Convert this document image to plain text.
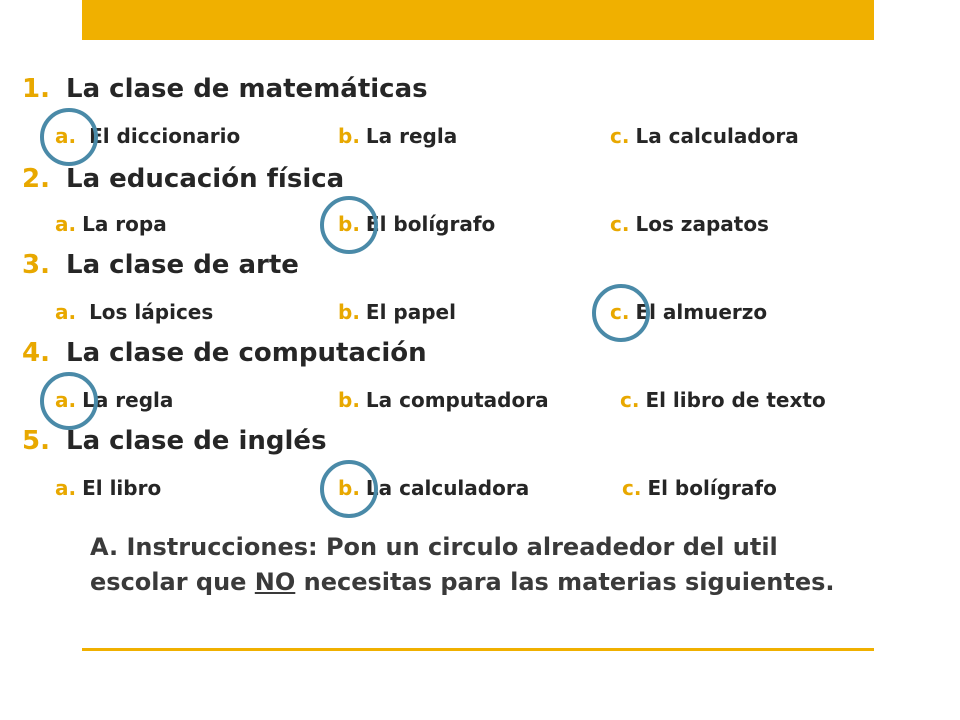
1. La clase de matemáticas
a. El diccionario	b. La regla	c. La calculadora
2. La educación física
a. La ropa	b. El bolígrafo	c. Los zapatos
3. La clase de arte
a. Los lápices	b. El papel	c. El almuerzo
4. La clase de computación
a. La regla	b. La computadora	c. El libro de texto
5. La clase de inglés
a. El libro	b. La calculadora	c. El bolígrafo
A. Instrucciones: Pon un circulo alreadedor del util escolar que NO necesitas para las materias siguientes.
